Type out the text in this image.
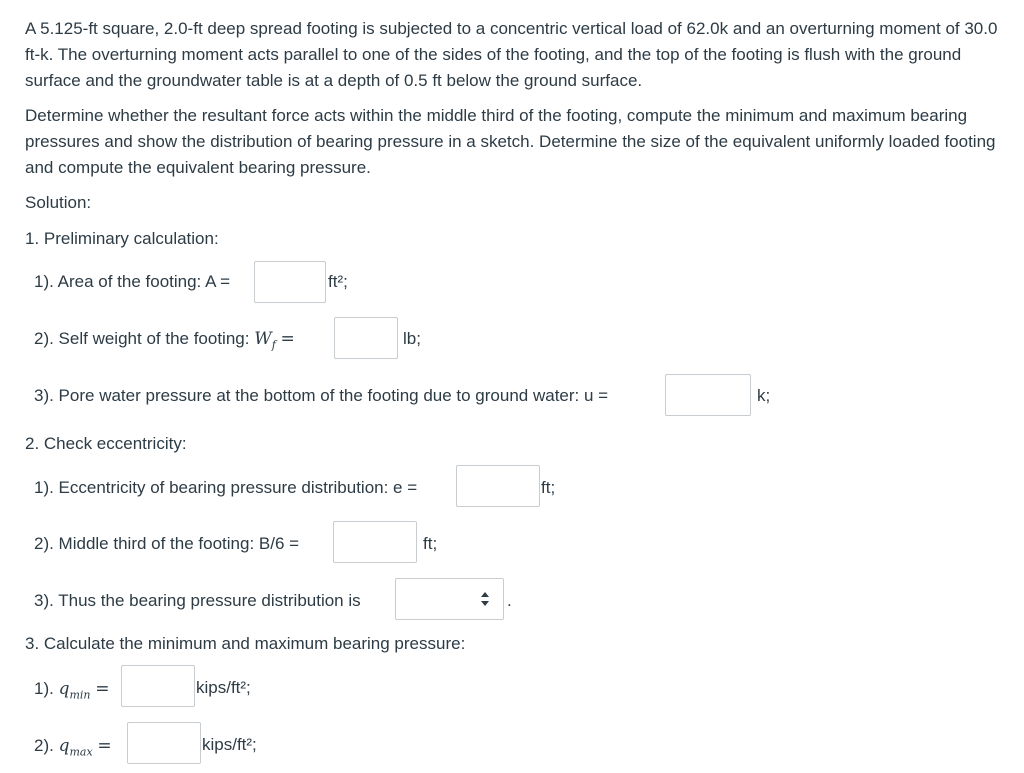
A 5.125-ft square, 2.0-ft deep spread footing is subjected to a concentric vertical load of 62.0k and an overturning moment of 30.0 ft-k. The overturning moment acts parallel to one of the sides of the footing, and the top of the footing is flush with the ground surface and the groundwater table is at a depth of 0.5 ft below the ground surface.

Determine whether the resultant force acts within the middle third of the footing, compute the minimum and maximum bearing pressures and show the distribution of bearing pressure in a sketch. Determine the size of the equivalent uniformly loaded footing and compute the equivalent bearing pressure.

Solution:
1. Preliminary calculation:
1). Area of the footing: A =	ft²;
2). Self weight of the footing: $W_f$ =	lb;
3). Pore water pressure at the bottom of the footing due to ground water: u =	k;
2. Check eccentricity:
1). Eccentricity of bearing pressure distribution: e =	ft;
2). Middle third of the footing: B/6 =	ft;
3). Thus the bearing pressure distribution is	.
3. Calculate the minimum and maximum bearing pressure:
1). $q_{min}$ =	kips/ft²;
2). $q_{max}$ =	kips/ft²;
